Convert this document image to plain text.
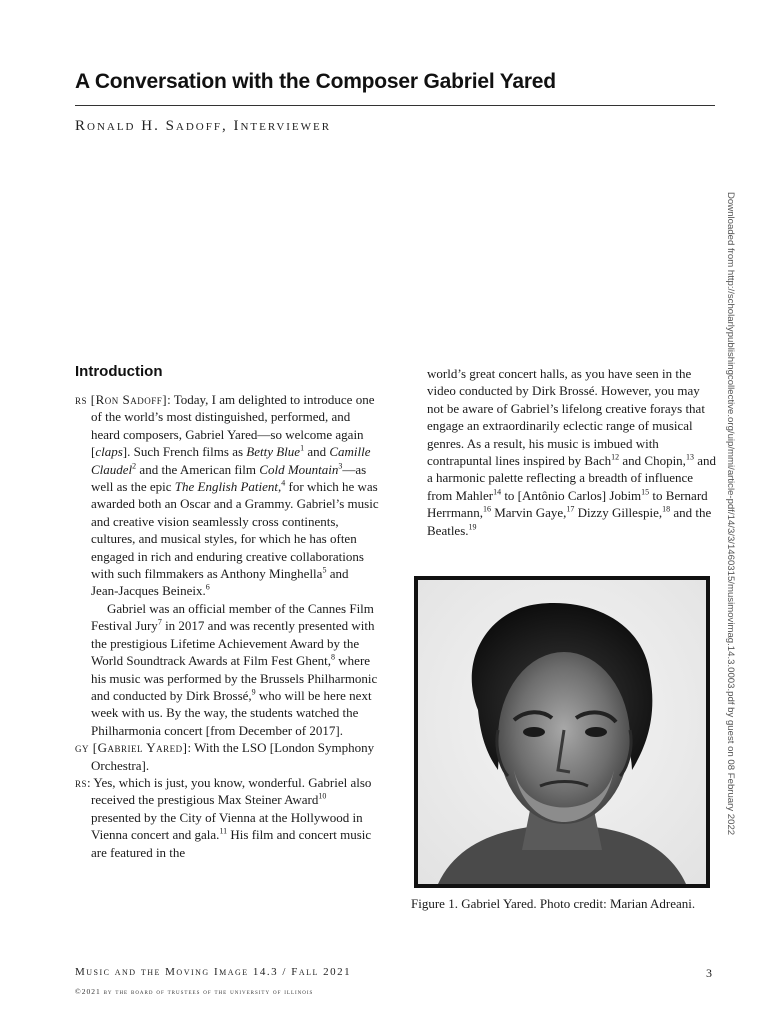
A Conversation with the Composer Gabriel Yared
Ronald H. Sadoff, Interviewer
Downloaded from http://scholarlypublishingcollective.org/uip/mmi/article-pdf/14/3/3/1460315/musimovimag.14.3.0003.pdf by guest on 08 February 2022
Introduction

rs [Ron Sadoff]: Today, I am delighted to introduce one of the world’s most distinguished, performed, and heard composers, Gabriel Yared—so welcome again [claps]. Such French films as Betty Blue$^1$ and Camille Claudel$^2$ and the American film Cold Mountain$^3$—as well as the epic The English Patient,$^4$ for which he was awarded both an Oscar and a Grammy. Gabriel’s music and creative vision seamlessly cross continents, cultures, and musical styles, for which he has often engaged in rich and enduring creative collaborations with such filmmakers as Anthony Minghella$^5$ and Jean-Jacques Beineix.$^6$

Gabriel was an official member of the Cannes Film Festival Jury$^7$ in 2017 and was recently presented with the prestigious Lifetime Achievement Award by the World Soundtrack Awards at Film Fest Ghent,$^8$ where his music was performed by the Brussels Philharmonic and conducted by Dirk Brossé,$^9$ who will be here next week with us. By the way, the students watched the Philharmonia concert [from December of 2017].

gy [Gabriel Yared]: With the LSO [London Symphony Orchestra].

rs: Yes, which is just, you know, wonderful. Gabriel also received the prestigious Max Steiner Award$^{10}$ presented by the City of Vienna at the Hollywood in Vienna concert and gala.$^{11}$ His film and concert music are featured in the

world’s great concert halls, as you have seen in the video conducted by Dirk Brossé. However, you may not be aware of Gabriel’s lifelong creative forays that engage an extraordinarily eclectic range of musical genres. As a result, his music is imbued with contrapuntal lines inspired by Bach$^{12}$ and Chopin,$^{13}$ and a harmonic palette reflecting a breadth of influence from Mahler$^{14}$ to [Antônio Carlos] Jobim$^{15}$ to Bernard Herrmann,$^{16}$ Marvin Gaye,$^{17}$ Dizzy Gillespie,$^{18}$ and the Beatles.$^{19}$

Figure 1. Gabriel Yared. Photo credit: Marian Adreani.

Music and the Moving Image 14.3 / Fall 2021
©2021 by the board of trustees of the university of illinois
3
